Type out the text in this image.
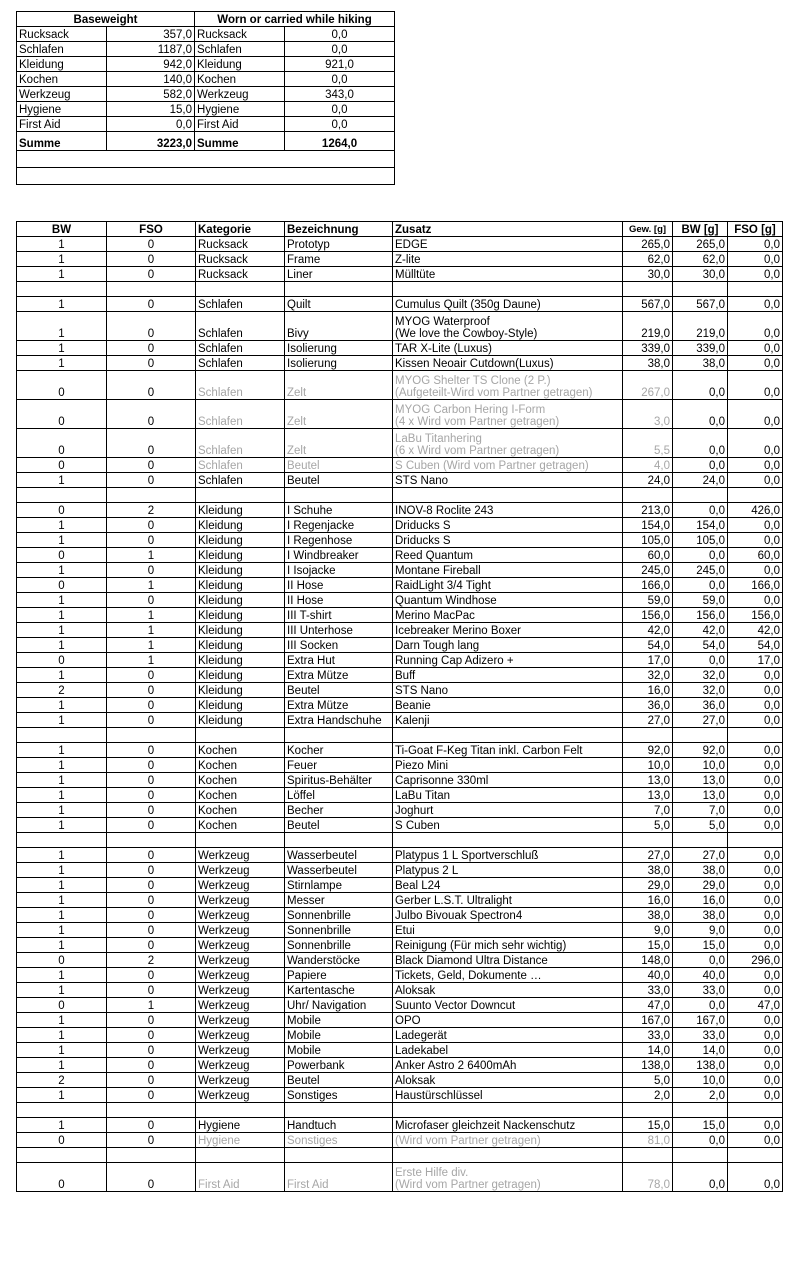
Baseweight		Worn or carried while hiking	
Rucksack	357,0	Rucksack	0,0
Schlafen	1187,0	Schlafen	0,0
Kleidung	942,0	Kleidung	921,0
Kochen	140,0	Kochen	0,0
Werkzeug	582,0	Werkzeug	343,0
Hygiene	15,0	Hygiene	0,0
First Aid	0,0	First Aid	0,0
Summe	3223,0	Summe	1264,0

BW	FSO	Kategorie	Bezeichnung	Zusatz	Gew. [g]	BW [g]	FSO [g]
1	0	Rucksack	Prototyp	EDGE	265,0	265,0	0,0
1	0	Rucksack	Frame	Z-lite	62,0	62,0	0,0
1	0	Rucksack	Liner	Mülltüte	30,0	30,0	0,0

1	0	Schlafen	Quilt	Cumulus Quilt (350g Daune)	567,0	567,0	0,0
1	0	Schlafen	Bivy	MYOG Waterproof
(We love the Cowboy-Style)	219,0	219,0	0,0
1	0	Schlafen	Isolierung	TAR X-Lite (Luxus)	339,0	339,0	0,0
1	0	Schlafen	Isolierung	Kissen Neoair Cutdown(Luxus)	38,0	38,0	0,0
0	0	Schlafen	Zelt	MYOG Shelter TS Clone (2 P.)
(Aufgeteilt-Wird vom Partner getragen)	267,0	0,0	0,0
0	0	Schlafen	Zelt	MYOG Carbon Hering I-Form
(4 x Wird vom Partner getragen)	3,0	0,0	0,0
0	0	Schlafen	Zelt	LaBu Titanhering
(6 x Wird vom Partner getragen)	5,5	0,0	0,0
0	0	Schlafen	Beutel	S Cuben (Wird vom Partner getragen)	4,0	0,0	0,0
1	0	Schlafen	Beutel	STS Nano	24,0	24,0	0,0

0	2	Kleidung	I Schuhe	INOV-8 Roclite 243	213,0	0,0	426,0
1	0	Kleidung	I Regenjacke	Driducks S	154,0	154,0	0,0
1	0	Kleidung	I Regenhose	Driducks S	105,0	105,0	0,0
0	1	Kleidung	I Windbreaker	Reed Quantum	60,0	0,0	60,0
1	0	Kleidung	I Isojacke	Montane Fireball	245,0	245,0	0,0
0	1	Kleidung	II Hose	RaidLight 3/4 Tight	166,0	0,0	166,0
1	0	Kleidung	II Hose	Quantum Windhose	59,0	59,0	0,0
1	1	Kleidung	III T-shirt	Merino MacPac	156,0	156,0	156,0
1	1	Kleidung	III Unterhose	Icebreaker Merino Boxer	42,0	42,0	42,0
1	1	Kleidung	III Socken	Darn Tough lang	54,0	54,0	54,0
0	1	Kleidung	Extra Hut	Running Cap Adizero +	17,0	0,0	17,0
1	0	Kleidung	Extra Mütze	Buff	32,0	32,0	0,0
2	0	Kleidung	Beutel	STS Nano	16,0	32,0	0,0
1	0	Kleidung	Extra Mütze	Beanie	36,0	36,0	0,0
1	0	Kleidung	Extra Handschuhe	Kalenji	27,0	27,0	0,0

1	0	Kochen	Kocher	Ti-Goat F-Keg Titan inkl. Carbon Felt	92,0	92,0	0,0
1	0	Kochen	Feuer	Piezo Mini	10,0	10,0	0,0
1	0	Kochen	Spiritus-Behälter	Caprisonne 330ml	13,0	13,0	0,0
1	0	Kochen	Löffel	LaBu Titan	13,0	13,0	0,0
1	0	Kochen	Becher	Joghurt	7,0	7,0	0,0
1	0	Kochen	Beutel	S Cuben	5,0	5,0	0,0

1	0	Werkzeug	Wasserbeutel	Platypus 1 L Sportverschluß	27,0	27,0	0,0
1	0	Werkzeug	Wasserbeutel	Platypus 2 L	38,0	38,0	0,0
1	0	Werkzeug	Stirnlampe	Beal L24	29,0	29,0	0,0
1	0	Werkzeug	Messer	Gerber L.S.T. Ultralight	16,0	16,0	0,0
1	0	Werkzeug	Sonnenbrille	Julbo Bivouak Spectron4	38,0	38,0	0,0
1	0	Werkzeug	Sonnenbrille	Etui	9,0	9,0	0,0
1	0	Werkzeug	Sonnenbrille	Reinigung (Für mich sehr wichtig)	15,0	15,0	0,0
0	2	Werkzeug	Wanderstöcke	Black Diamond Ultra Distance	148,0	0,0	296,0
1	0	Werkzeug	Papiere	Tickets, Geld, Dokumente …	40,0	40,0	0,0
1	0	Werkzeug	Kartentasche	Aloksak	33,0	33,0	0,0
0	1	Werkzeug	Uhr/ Navigation	Suunto Vector Downcut	47,0	0,0	47,0
1	0	Werkzeug	Mobile	OPO	167,0	167,0	0,0
1	0	Werkzeug	Mobile	Ladegerät	33,0	33,0	0,0
1	0	Werkzeug	Mobile	Ladekabel	14,0	14,0	0,0
1	0	Werkzeug	Powerbank	Anker Astro 2 6400mAh	138,0	138,0	0,0
2	0	Werkzeug	Beutel	Aloksak	5,0	10,0	0,0
1	0	Werkzeug	Sonstiges	Haustürschlüssel	2,0	2,0	0,0

1	0	Hygiene	Handtuch	Microfaser gleichzeit Nackenschutz	15,0	15,0	0,0
0	0	Hygiene	Sonstiges	(Wird vom Partner getragen)	81,0	0,0	0,0

0	0	First Aid	First Aid	Erste Hilfe div.
(Wird vom Partner getragen)	78,0	0,0	0,0
